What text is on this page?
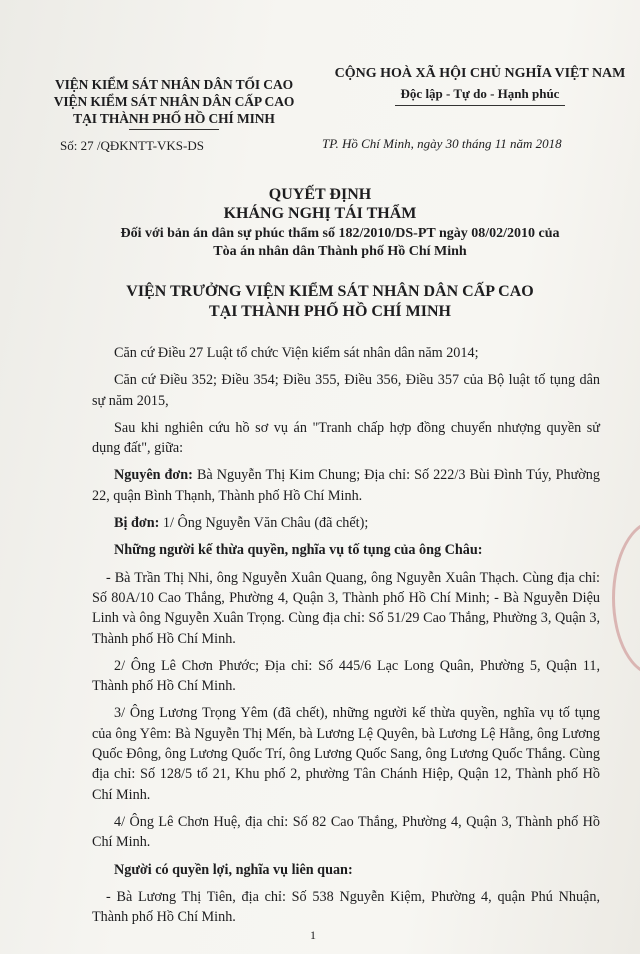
VIỆN KIỂM SÁT NHÂN DÂN TỐI CAO
VIỆN KIỂM SÁT NHÂN DÂN CẤP CAO
TẠI THÀNH PHỐ HỒ CHÍ MINH
CỘNG HOÀ XÃ HỘI CHỦ NGHĨA VIỆT NAM
Độc lập - Tự do - Hạnh phúc
Số: 27 /QĐKNTT-VKS-DS	TP. Hồ Chí Minh, ngày 30 tháng 11 năm 2018
QUYẾT ĐỊNH
KHÁNG NGHỊ TÁI THẨM
Đối với bản án dân sự phúc thẩm số 182/2010/DS-PT ngày 08/02/2010 của
Tòa án nhân dân Thành phố Hồ Chí Minh
VIỆN TRƯỞNG VIỆN KIỂM SÁT NHÂN DÂN CẤP CAO
TẠI THÀNH PHỐ HỒ CHÍ MINH

Căn cứ Điều 27 Luật tổ chức Viện kiểm sát nhân dân năm 2014;

Căn cứ Điều 352; Điều 354; Điều 355, Điều 356, Điều 357 của Bộ luật tố tụng dân sự năm 2015,

Sau khi nghiên cứu hồ sơ vụ án "Tranh chấp hợp đồng chuyển nhượng quyền sử dụng đất", giữa:

Nguyên đơn: Bà Nguyễn Thị Kim Chung; Địa chỉ: Số 222/3 Bùi Đình Túy, Phường 22, quận Bình Thạnh, Thành phố Hồ Chí Minh.

Bị đơn: 1/ Ông Nguyễn Văn Châu (đã chết);

Những người kế thừa quyền, nghĩa vụ tố tụng của ông Châu:

- Bà Trần Thị Nhi, ông Nguyễn Xuân Quang, ông Nguyễn Xuân Thạch. Cùng địa chỉ: Số 80A/10 Cao Thắng, Phường 4, Quận 3, Thành phố Hồ Chí Minh; - Bà Nguyễn Diệu Linh và ông Nguyễn Xuân Trọng. Cùng địa chỉ: Số 51/29 Cao Thắng, Phường 3, Quận 3, Thành phố Hồ Chí Minh.

2/ Ông Lê Chơn Phước; Địa chỉ: Số 445/6 Lạc Long Quân, Phường 5, Quận 11, Thành phố Hồ Chí Minh.

3/ Ông Lương Trọng Yêm (đã chết), những người kế thừa quyền, nghĩa vụ tố tụng của ông Yêm: Bà Nguyễn Thị Mến, bà Lương Lệ Quyên, bà Lương Lệ Hằng, ông Lương Quốc Đông, ông Lương Quốc Trí, ông Lương Quốc Sang, ông Lương Quốc Thắng. Cùng địa chỉ: Số 128/5 tổ 21, Khu phố 2, phường Tân Chánh Hiệp, Quận 12, Thành phố Hồ Chí Minh.

4/ Ông Lê Chơn Huệ, địa chỉ: Số 82 Cao Thắng, Phường 4, Quận 3, Thành phố Hồ Chí Minh.

Người có quyền lợi, nghĩa vụ liên quan:

- Bà Lương Thị Tiên, địa chỉ: Số 538 Nguyễn Kiệm, Phường 4, quận Phú Nhuận, Thành phố Hồ Chí Minh.

1
